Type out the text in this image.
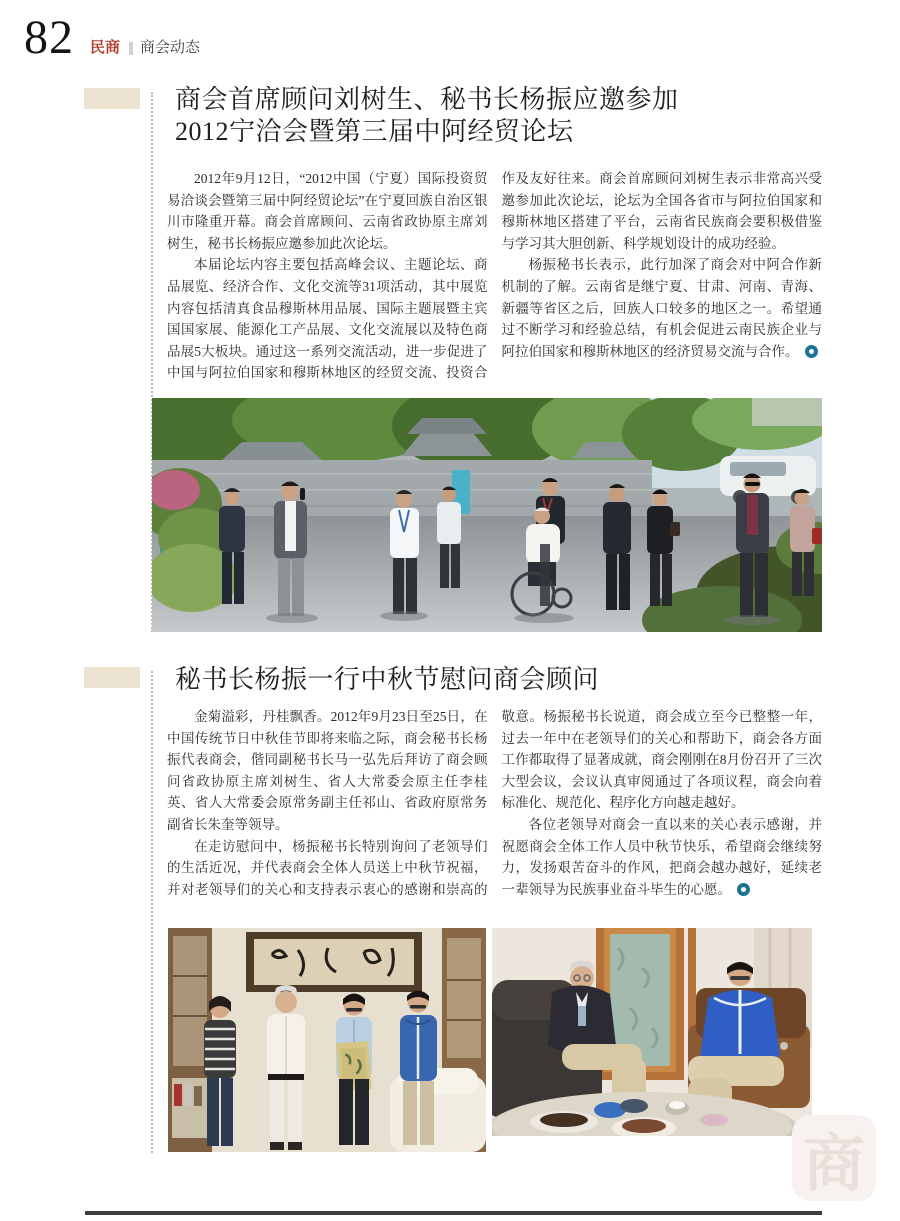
82 民商 商会动态
商会首席顾问刘树生、秘书长杨振应邀参加
2012宁洽会暨第三届中阿经贸论坛

2012年9月12日，“2012中国（宁夏）国际投资贸易洽谈会暨第三届中阿经贸论坛”在宁夏回族自治区银川市隆重开幕。商会首席顾问、云南省政协原主席刘树生，秘书长杨振应邀参加此次论坛。

本届论坛内容主要包括高峰会议、主题论坛、商品展览、经济合作、文化交流等31项活动，其中展览内容包括清真食品穆斯林用品展、国际主题展暨主宾国国家展、能源化工产品展、文化交流展以及特色商品展5大板块。通过这一系列交流活动，进一步促进了中国与阿拉伯国家和穆斯林地区的经贸交流、投资合作及友好往来。商会首席顾问刘树生表示非常高兴受邀参加此次论坛，论坛为全国各省市与阿拉伯国家和穆斯林地区搭建了平台，云南省民族商会要积极借鉴与学习其大胆创新、科学规划设计的成功经验。

杨振秘书长表示，此行加深了商会对中阿合作新机制的了解。云南省是继宁夏、甘肃、河南、青海、新疆等省区之后，回族人口较多的地区之一。希望通过不断学习和经验总结，有机会促进云南民族企业与阿拉伯国家和穆斯林地区的经济贸易交流与合作。

秘书长杨振一行中秋节慰问商会顾问

金菊溢彩，丹桂飘香。2012年9月23日至25日，在中国传统节日中秋佳节即将来临之际，商会秘书长杨振代表商会，偕同副秘书长马一弘先后拜访了商会顾问省政协原主席刘树生、省人大常委会原主任李桂英、省人大常委会原常务副主任祁山、省政府原常务副省长朱奎等领导。

在走访慰问中，杨振秘书长特别询问了老领导们的生活近况，并代表商会全体人员送上中秋节祝福，并对老领导们的关心和支持表示衷心的感谢和崇高的敬意。杨振秘书长说道，商会成立至今已整整一年，过去一年中在老领导们的关心和帮助下，商会各方面工作都取得了显著成就，商会刚刚在8月份召开了三次大型会议，会议认真审阅通过了各项议程，商会向着标准化、规范化、程序化方向越走越好。

各位老领导对商会一直以来的关心表示感谢，并祝愿商会全体工作人员中秋节快乐，希望商会继续努力，发扬艰苦奋斗的作风，把商会越办越好，延续老一辈领导为民族事业奋斗毕生的心愿。

商
